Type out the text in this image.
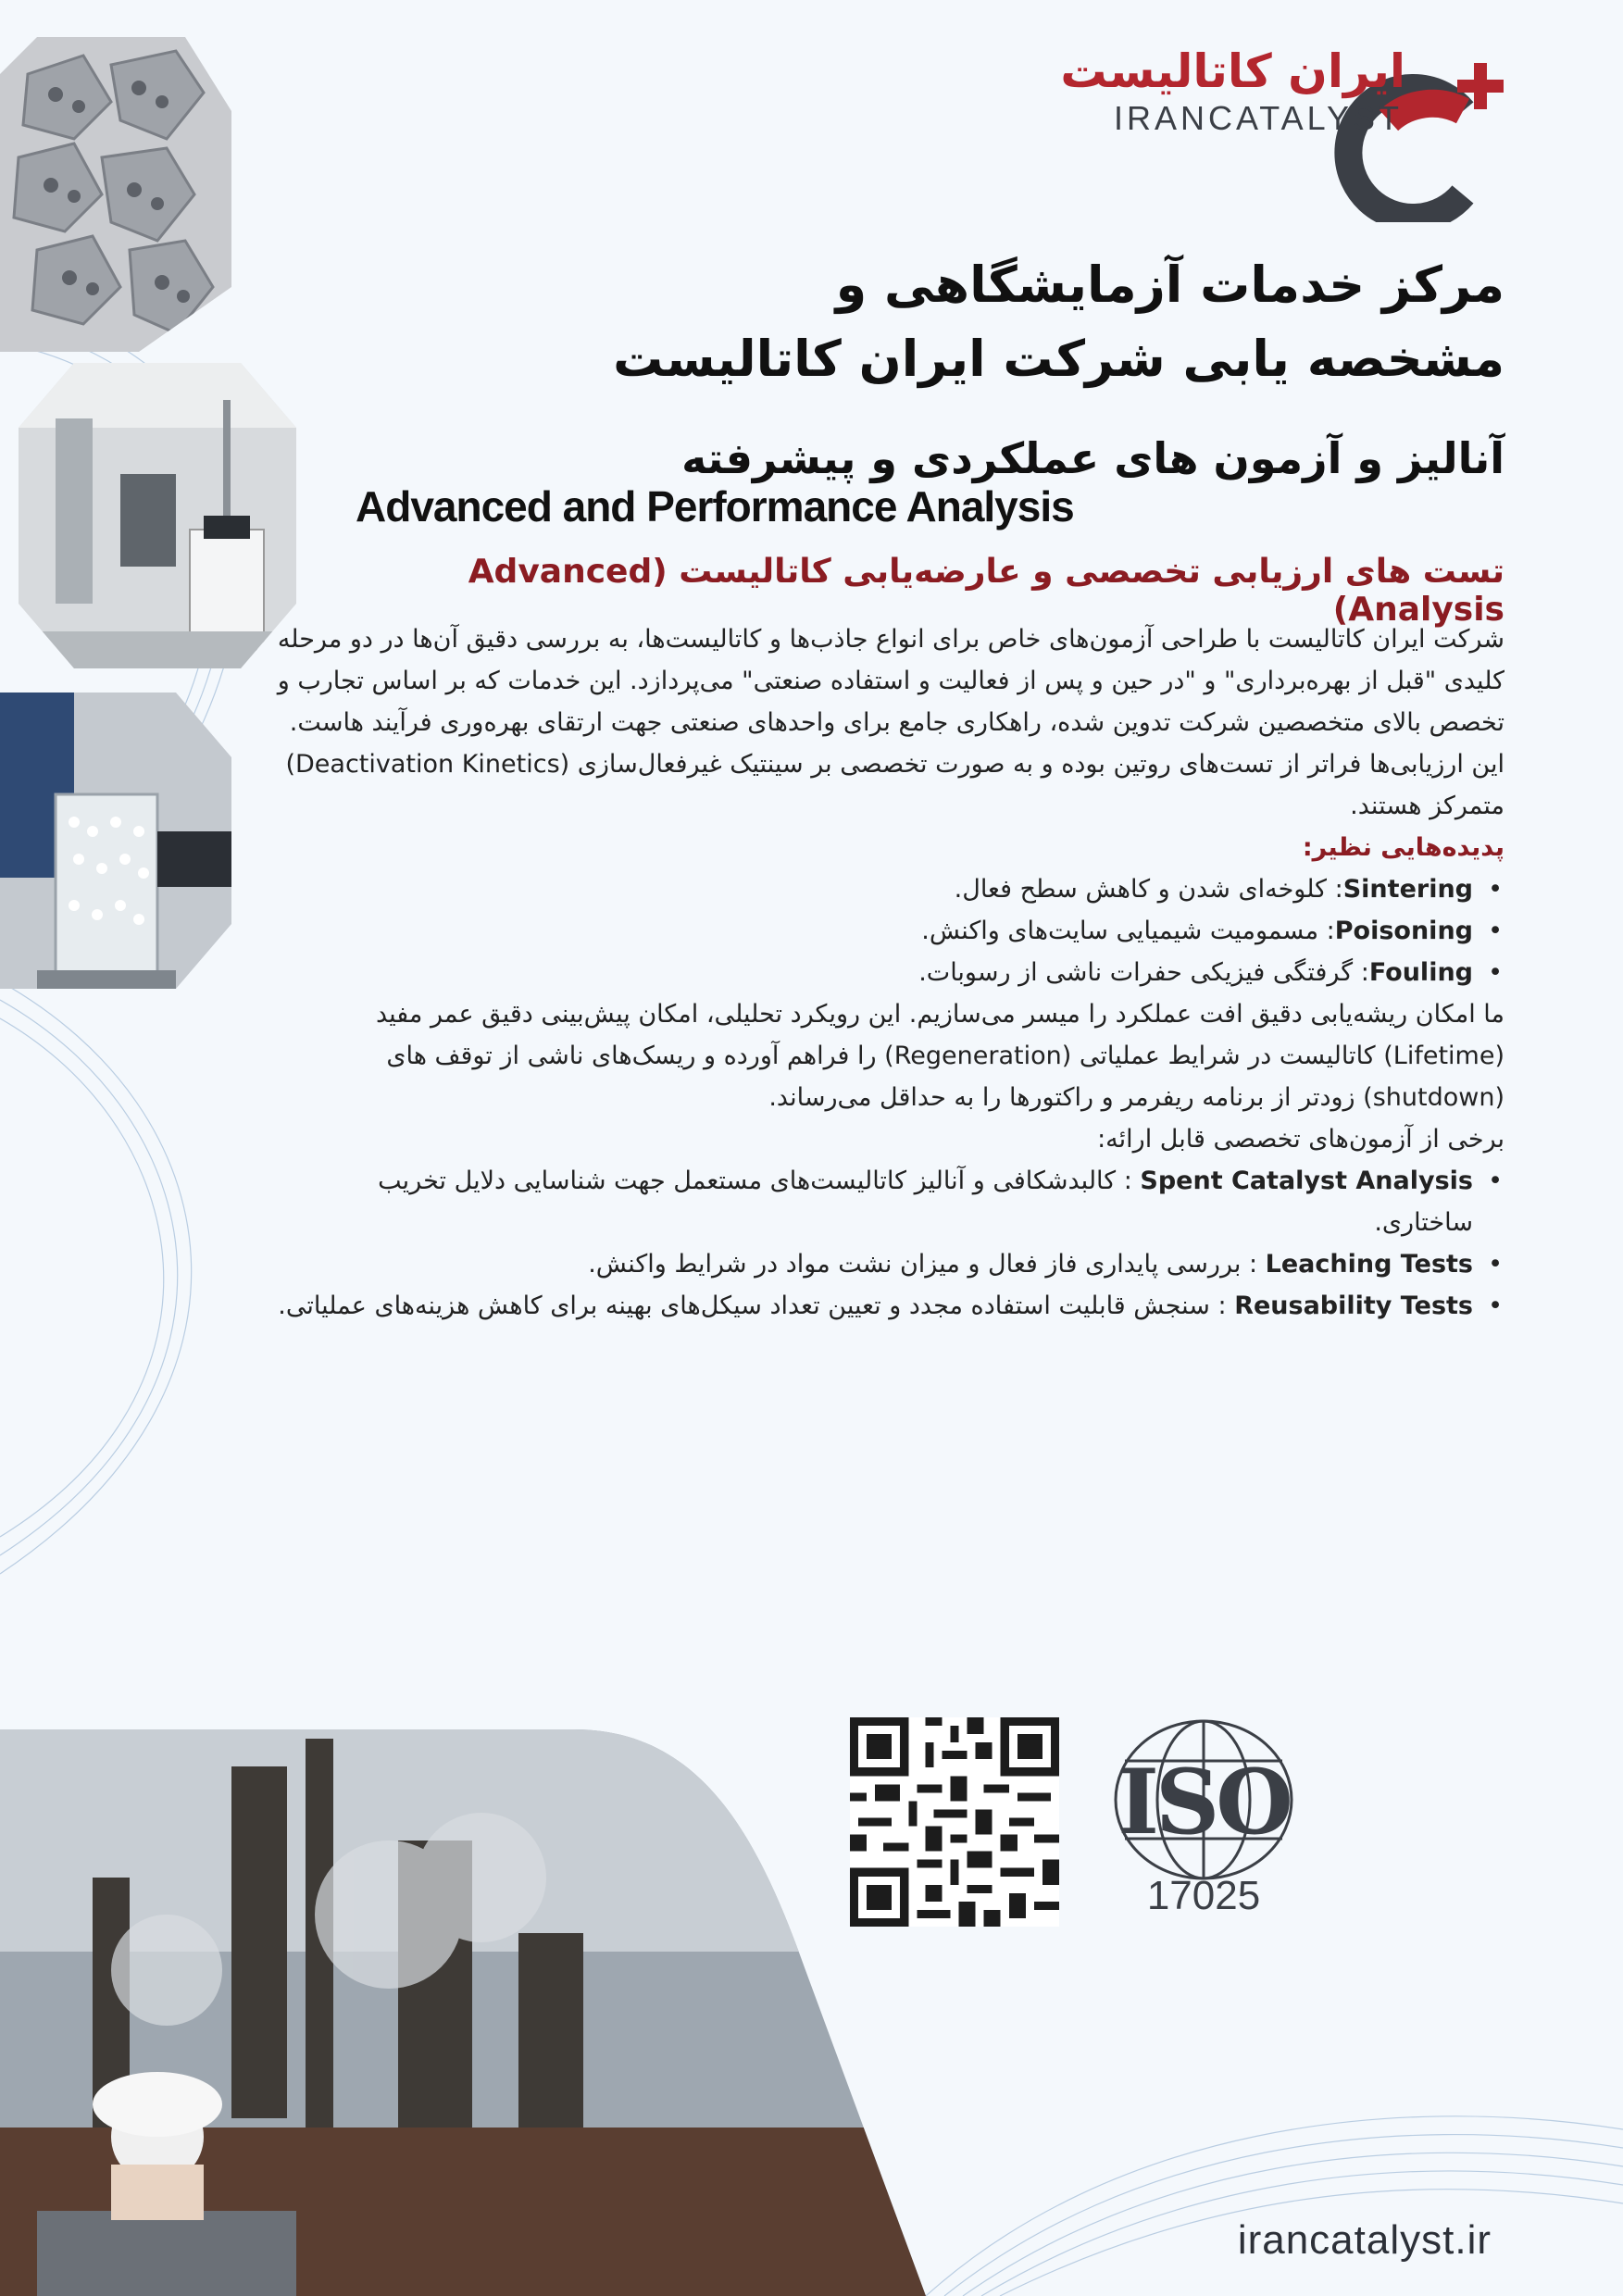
ایران کاتالیست
IRANCATALYST
مرکز خدمات آزمایشگاهی و
مشخصه یابی شرکت ایران کاتالیست
آنالیز و آزمون های عملکردی و پیشرفته
Advanced and Performance Analysis
تست های ارزیابی تخصصی و عارضه‌یابی کاتالیست (Advanced Analysis)

شرکت ایران کاتالیست با طراحی آزمون‌های خاص برای انواع جاذب‌ها و کاتالیست‌ها، به بررسی دقیق آن‌ها در دو مرحله کلیدی "قبل از بهره‌برداری" و "در حین و پس از فعالیت و استفاده صنعتی" می‌پردازد. این خدمات که بر اساس تجارب و تخصص بالای متخصصین شرکت تدوین شده، راهکاری جامع برای واحدهای صنعتی جهت ارتقای بهره‌وری فرآیند هاست.

این ارزیابی‌ها فراتر از تست‌های روتین بوده و به صورت تخصصی بر سینتیک غیرفعال‌سازی (Deactivation Kinetics) متمرکز هستند.

پدیده‌هایی نظیر:

• Sintering: کلوخه‌ای شدن و کاهش سطح فعال.
• Poisoning: مسمومیت شیمیایی سایت‌های واکنش.
• Fouling: گرفتگی فیزیکی حفرات ناشی از رسوبات.

ما امکان ریشه‌یابی دقیق افت عملکرد را میسر می‌سازیم. این رویکرد تحلیلی، امکان پیش‌بینی دقیق عمر مفید (Lifetime) کاتالیست در شرایط عملیاتی (Regeneration) را فراهم آورده و ریسک‌های ناشی از توقف های (shutdown) زودتر از برنامه ریفرمر و راکتورها را به حداقل می‌رساند.

برخی از آزمون‌های تخصصی قابل ارائه:

• Spent Catalyst Analysis : کالبدشکافی و آنالیز کاتالیست‌های مستعمل جهت شناسایی دلایل تخریب ساختاری.
• Leaching Tests : بررسی پایداری فاز فعال و میزان نشت مواد در شرایط واکنش.
• Reusability Tests : سنجش قابلیت استفاده مجدد و تعیین تعداد سیکل‌های بهینه برای کاهش هزینه‌های عملیاتی.
ISO
17025
irancatalyst.ir
